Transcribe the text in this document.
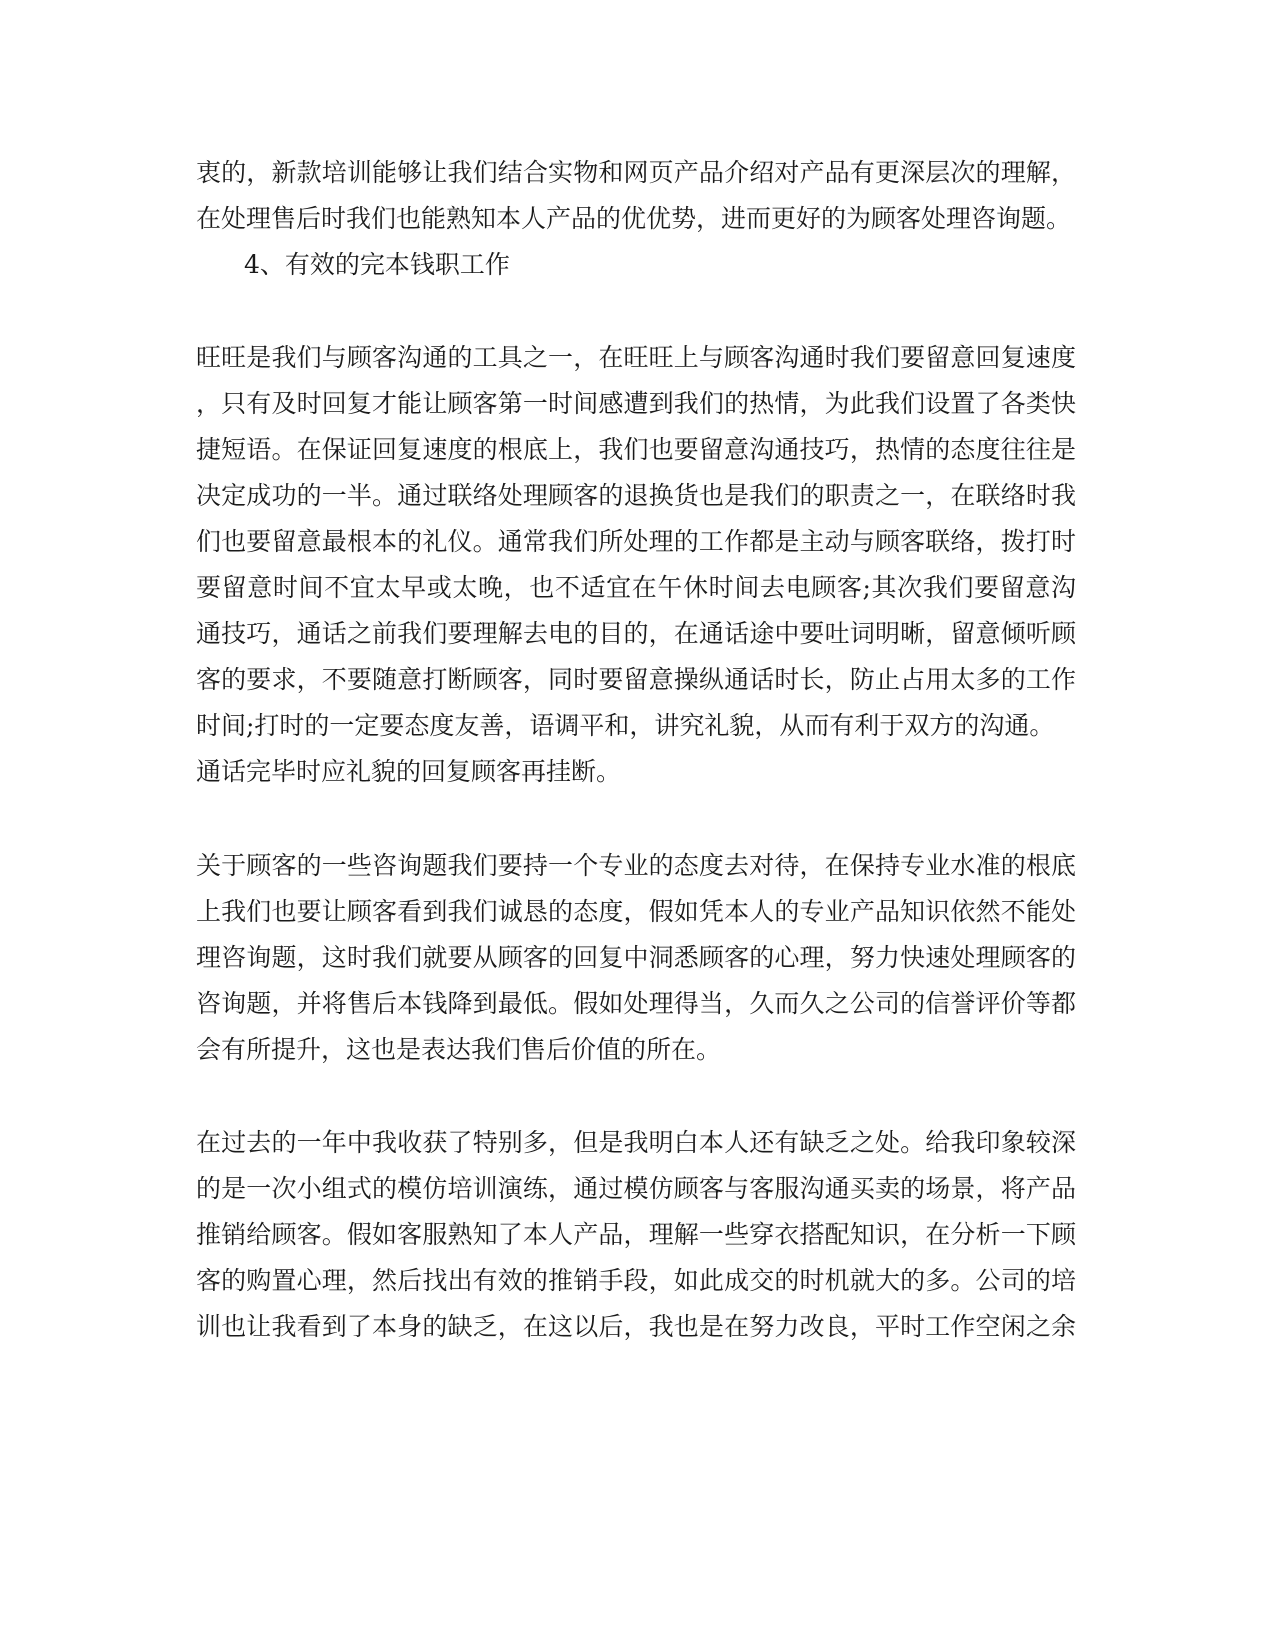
衷的，新款培训能够让我们结合实物和网页产品介绍对产品有更深层次的理解，
在处理售后时我们也能熟知本人产品的优优势，进而更好的为顾客处理咨询题。
4、有效的完本钱职工作
旺旺是我们与顾客沟通的工具之一，在旺旺上与顾客沟通时我们要留意回复速度
，只有及时回复才能让顾客第一时间感遭到我们的热情，为此我们设置了各类快
捷短语。在保证回复速度的根底上，我们也要留意沟通技巧，热情的态度往往是
决定成功的一半。通过联络处理顾客的退换货也是我们的职责之一，在联络时我
们也要留意最根本的礼仪。通常我们所处理的工作都是主动与顾客联络，拨打时
要留意时间不宜太早或太晚，也不适宜在午休时间去电顾客;其次我们要留意沟
通技巧，通话之前我们要理解去电的目的，在通话途中要吐词明晰，留意倾听顾
客的要求，不要随意打断顾客，同时要留意操纵通话时长，防止占用太多的工作
时间;打时的一定要态度友善，语调平和，讲究礼貌，从而有利于双方的沟通。
通话完毕时应礼貌的回复顾客再挂断。
关于顾客的一些咨询题我们要持一个专业的态度去对待，在保持专业水准的根底
上我们也要让顾客看到我们诚恳的态度，假如凭本人的专业产品知识依然不能处
理咨询题，这时我们就要从顾客的回复中洞悉顾客的心理，努力快速处理顾客的
咨询题，并将售后本钱降到最低。假如处理得当，久而久之公司的信誉评价等都
会有所提升，这也是表达我们售后价值的所在。
在过去的一年中我收获了特别多，但是我明白本人还有缺乏之处。给我印象较深
的是一次小组式的模仿培训演练，通过模仿顾客与客服沟通买卖的场景，将产品
推销给顾客。假如客服熟知了本人产品，理解一些穿衣搭配知识，在分析一下顾
客的购置心理，然后找出有效的推销手段，如此成交的时机就大的多。公司的培
训也让我看到了本身的缺乏，在这以后，我也是在努力改良，平时工作空闲之余
